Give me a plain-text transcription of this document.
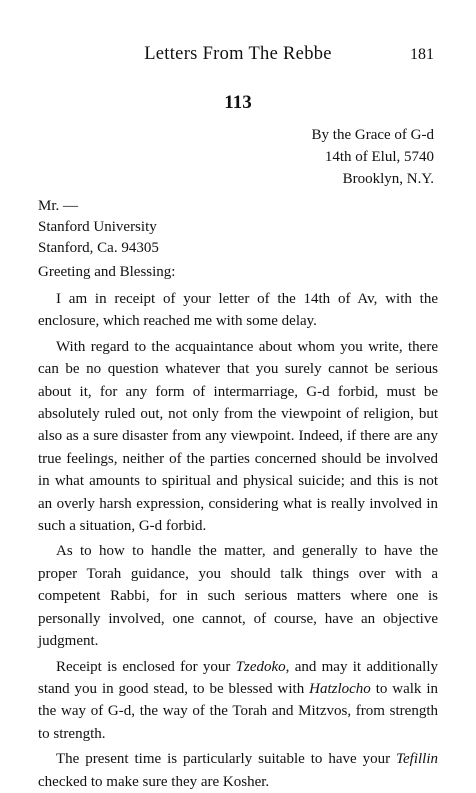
Letters From The Rebbe	181
113
By the Grace of G-d
14th of Elul, 5740
Brooklyn, N.Y.
Mr. —
Stanford University
Stanford, Ca. 94305
Greeting and Blessing:

I am in receipt of your letter of the 14th of Av, with the enclosure, which reached me with some delay.

With regard to the acquaintance about whom you write, there can be no question whatever that you surely cannot be serious about it, for any form of intermarriage, G-d forbid, must be absolutely ruled out, not only from the viewpoint of religion, but also as a sure disaster from any viewpoint. Indeed, if there are any true feelings, neither of the parties concerned should be involved in what amounts to spiritual and physical suicide; and this is not an overly harsh expression, considering what is really involved in such a situation, G-d forbid.

As to how to handle the matter, and generally to have the proper Torah guidance, you should talk things over with a competent Rabbi, for in such serious matters where one is personally involved, one cannot, of course, have an objective judgment.

Receipt is enclosed for your Tzedoko, and may it additionally stand you in good stead, to be blessed with Hatzlocho to walk in the way of G-d, the way of the Torah and Mitzvos, from strength to strength.

The present time is particularly suitable to have your Tefillin checked to make sure they are Kosher.
